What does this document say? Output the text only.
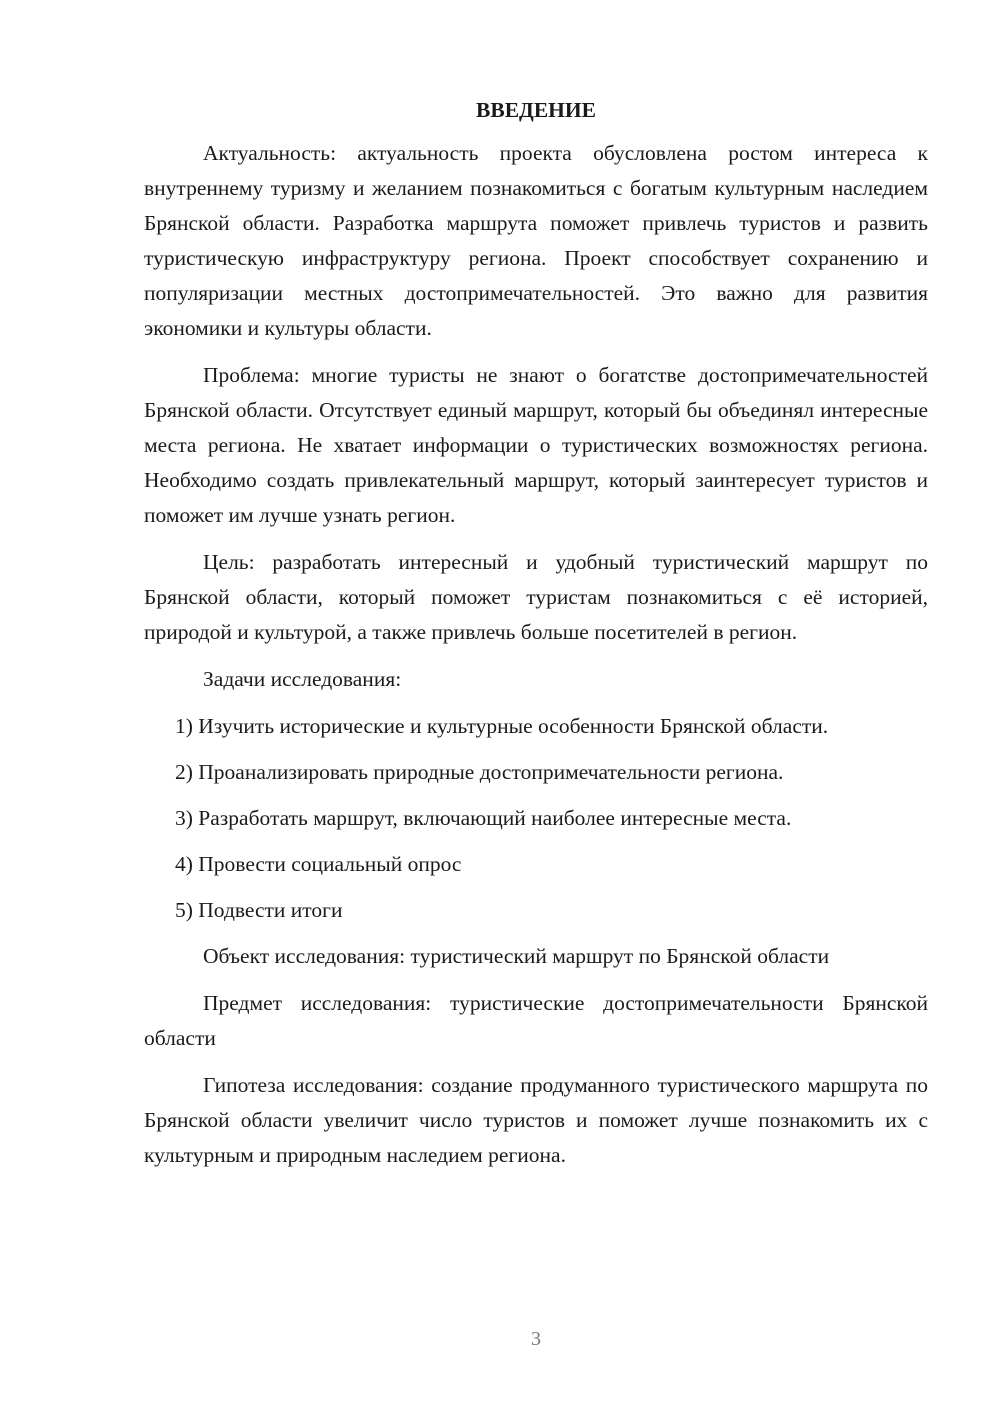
ВВЕДЕНИЕ

Актуальность: актуальность проекта обусловлена ростом интереса к внутреннему туризму и желанием познакомиться с богатым культурным наследием Брянской области. Разработка маршрута поможет привлечь туристов и развить туристическую инфраструктуру региона. Проект способствует сохранению и популяризации местных достопримечательностей. Это важно для развития экономики и культуры области.

Проблема: многие туристы не знают о богатстве достопримечательностей Брянской области. Отсутствует единый маршрут, который бы объединял интересные места региона. Не хватает информации о туристических возможностях региона. Необходимо создать привлекательный маршрут, который заинтересует туристов и поможет им лучше узнать регион.

Цель: разработать интересный и удобный туристический маршрут по Брянской области, который поможет туристам познакомиться с её историей, природой и культурой, а также привлечь больше посетителей в регион.

Задачи исследования:

1) Изучить исторические и культурные особенности Брянской области.

2) Проанализировать природные достопримечательности региона.

3) Разработать маршрут, включающий наиболее интересные места.

4) Провести социальный опрос

5) Подвести итоги

Объект исследования: туристический маршрут по Брянской области

Предмет исследования: туристические достопримечательности Брянской области

Гипотеза исследования: создание продуманного туристического маршрута по Брянской области увеличит число туристов и поможет лучше познакомить их с культурным и природным наследием региона.

3
